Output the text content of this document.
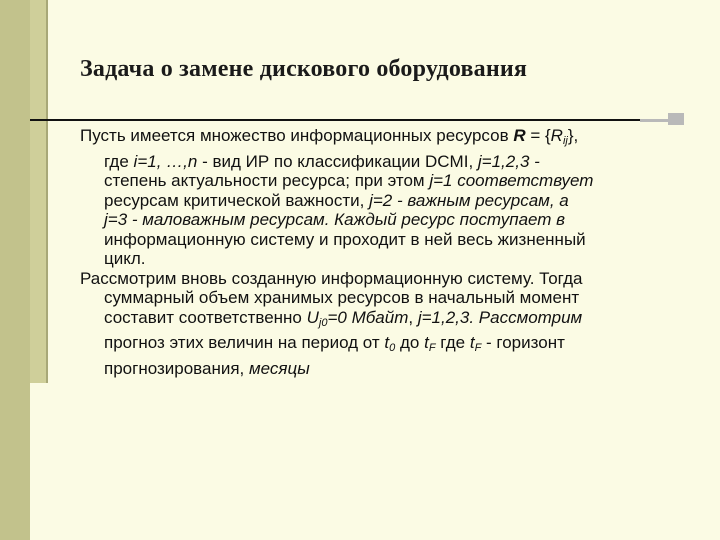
Задача о замене дискового оборудования

Пусть имеется множество информационных ресурсов $R = \{R_{ij}\}$,
где i=1, …,n - вид ИР по классификации DCMI, j=1,2,3 -
степень актуальности ресурса; при этом j=1 соответствует
ресурсам критической важности, j=2 - важным ресурсам, а
j=3 - маловажным ресурсам. Каждый ресурс поступает в
информационную систему и проходит в ней весь жизненный
цикл.

Рассмотрим вновь созданную информационную систему. Тогда
суммарный объем хранимых ресурсов в начальный момент
составит соответственно $U_{j0}=0$ Мбайт, j=1,2,3. Рассмотрим
прогноз этих величин на период от $t_0$ до $t_F$ где $t_F$ - горизонт
прогнозирования, месяцы
